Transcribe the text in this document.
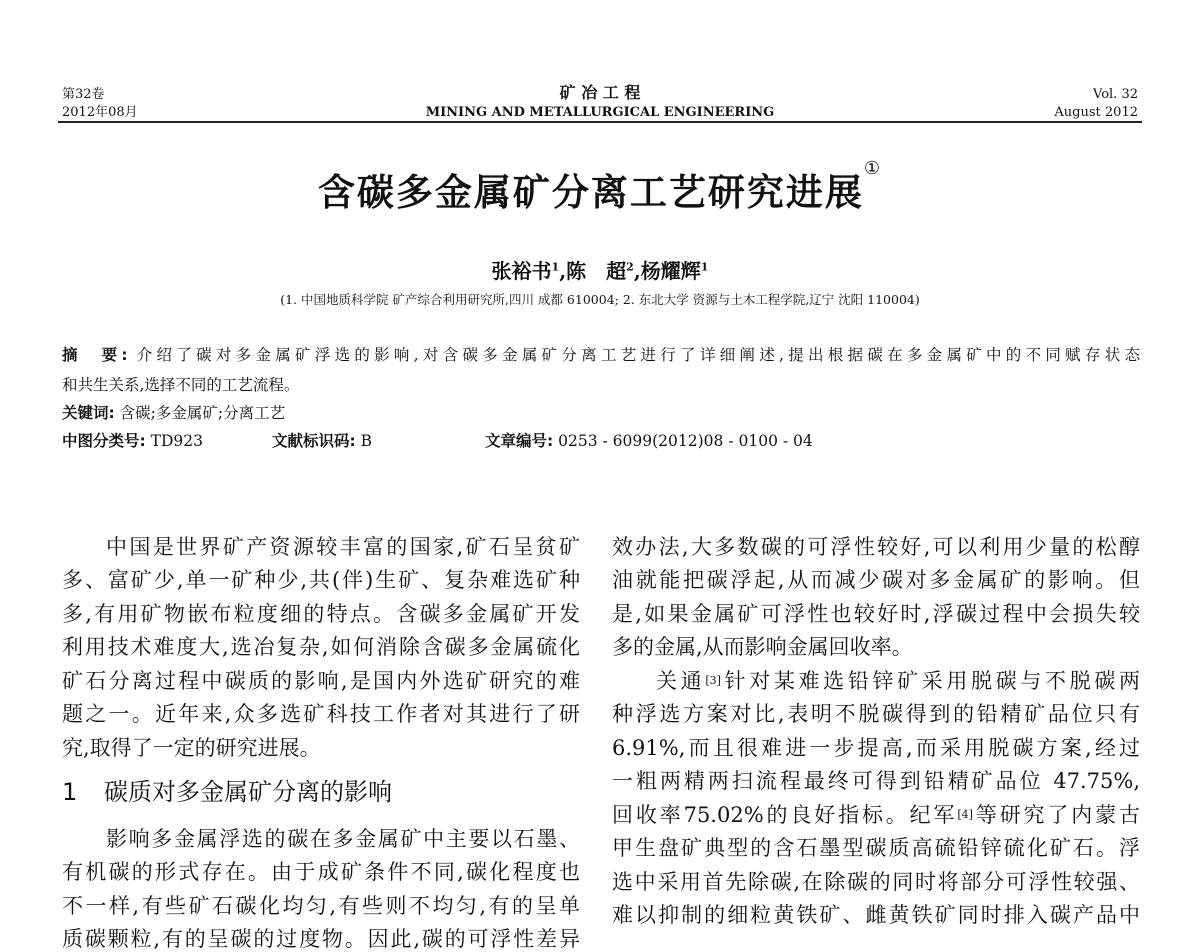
第32卷
2012年08月
矿 冶 工 程
MINING AND METALLURGICAL ENGINEERING
Vol. 32
August 2012
含碳多金属矿分离工艺研究进展①
张裕书$^1$,陈　超$^2$,杨耀辉$^1$
(1. 中国地质科学院 矿产综合利用研究所,四川 成都 610004; 2. 东北大学 资源与土木工程学院,辽宁 沈阳 110004)
摘　要: 介绍了碳对多金属矿浮选的影响,对含碳多金属矿分离工艺进行了详细阐述,提出根据碳在多金属矿中的不同赋存状态
和共生关系,选择不同的工艺流程。
关键词: 含碳;多金属矿;分离工艺
中图分类号: TD923	文献标识码: B	文章编号: 0253 - 6099(2012)08 - 0100 - 04
中国是世界矿产资源较丰富的国家,矿石呈贫矿
多、富矿少,单一矿种少,共(伴)生矿、复杂难选矿种
多,有用矿物嵌布粒度细的特点。含碳多金属矿开发
利用技术难度大,选冶复杂,如何消除含碳多金属硫化
矿石分离过程中碳质的影响,是国内外选矿研究的难
题之一。近年来,众多选矿科技工作者对其进行了研
究,取得了一定的研究进展。
1 碳质对多金属矿分离的影响
影响多金属浮选的碳在多金属矿中主要以石墨、
有机碳的形式存在。由于成矿条件不同,碳化程度也
不一样,有些矿石碳化均匀,有些则不均匀,有的呈单
质碳颗粒,有的呈碳的过度物。因此,碳的可浮性差异
效办法,大多数碳的可浮性较好,可以利用少量的松醇
油就能把碳浮起,从而减少碳对多金属矿的影响。但
是,如果金属矿可浮性也较好时,浮碳过程中会损失较
多的金属,从而影响金属回收率。
关通[3]针对某难选铅锌矿采用脱碳与不脱碳两
种浮选方案对比,表明不脱碳得到的铅精矿品位只有
6.91%,而且很难进一步提高,而采用脱碳方案,经过
一粗两精两扫流程最终可得到铅精矿品位 47.75%,
回收率75.02%的良好指标。纪军[4]等研究了内蒙古
甲生盘矿典型的含石墨型碳质高硫铅锌硫化矿石。浮
选中采用首先除碳,在除碳的同时将部分可浮性较强、
难以抑制的细粒黄铁矿、雌黄铁矿同时排入碳产品中
